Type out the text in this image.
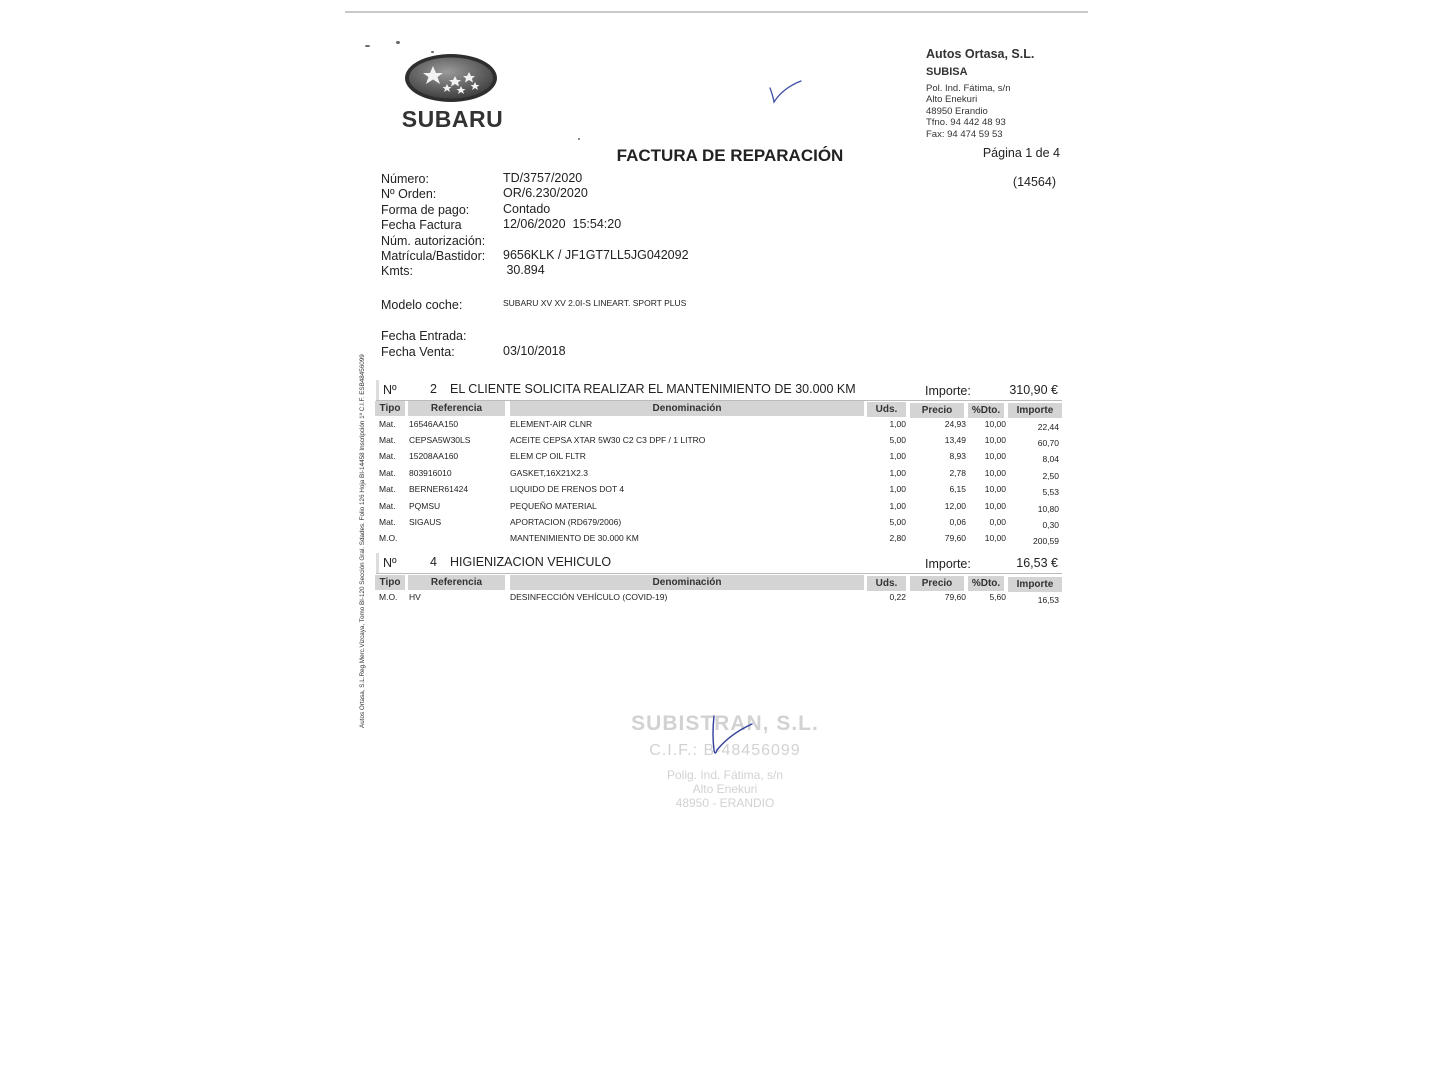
SUBARU
Autos Ortasa, S.L.
SUBISA
Pol. Ind. Fátima, s/n
Alto Enekuri
48950 Erandio
Tfno. 94 442 48 93
Fax: 94 474 59 53
FACTURA DE REPARACIÓN	Página 1 de 4
(14564)
Número:	TD/3757/2020
Nº Orden:	OR/6.230/2020
Forma de pago:	Contado
Fecha Factura	12/06/2020  15:54:20
Núm. autorización:
Matrícula/Bastidor: 9656KLK / JF1GT7LL5JG042092
Kmts:	30.894
Modelo coche:	SUBARU XV XV 2.0I-S LINEART. SPORT PLUS
Fecha Entrada:
Fecha Venta:	03/10/2018
Autos Ortasa, S.L.Reg.Merc.Vizcaya, Tomo BI-120 Sección Gral. Sdades. Folio 126 Hoja BI-14458 Inscripción 1ª C.I.F. ESB48456099 Nº	2 EL CLIENTE SOLICITA REALIZAR EL MANTENIMIENTO DE 30.000 KM	Importe:	310,90 €
Tipo	Referencia	Denominación	Uds.	Precio	%Dto.	Importe
Mat. 16546AA150	ELEMENT-AIR CLNR	1,00	24,93	10,00	22,44
Mat. CEPSA5W30LS	ACEITE CEPSA XTAR 5W30 C2 C3 DPF / 1 LITRO	5,00	13,49	10,00	60,70
Mat. 15208AA160	ELEM CP OIL FLTR	1,00	8,93	10,00	8,04
Mat. 803916010	GASKET,16X21X2.3	1,00	2,78	10,00	2,50
Mat. BERNER61424	LIQUIDO DE FRENOS DOT 4	1,00	6,15	10,00	5,53
Mat. PQMSU	PEQUEÑO MATERIAL	1,00	12,00	10,00	10,80
Mat. SIGAUS	APORTACION (RD679/2006)	5,00	0,06	0,00	0,30
M.O.	MANTENIMIENTO DE 30.000 KM	2,80	79,60	10,00	200,59
Nº	4 HIGIENIZACION VEHICULO	Importe:	16,53 €
Tipo	Referencia	Denominación	Uds.	Precio	%Dto.	Importe
M.O. HV	DESINFECCIÓN VEHÍCULO (COVID-19)	0,22	79,60	5,60	16,53
SUBISTRAN, S.L.
C.I.F.: B-48456099
Polig. Ind. Fátima, s/n
Alto Enekuri
48950 - ERANDIO
